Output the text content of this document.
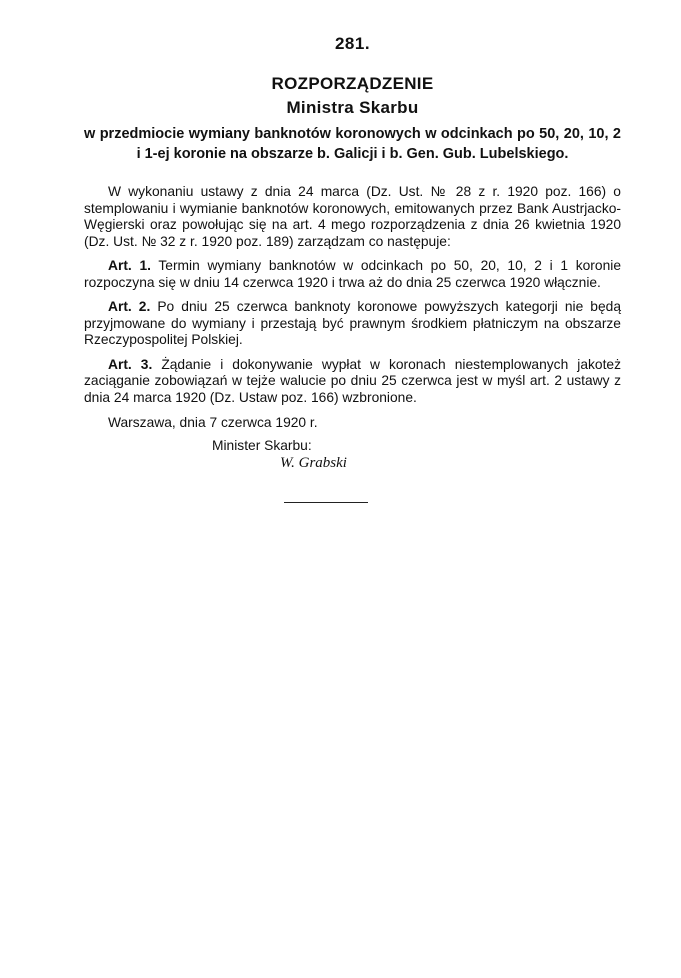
281.
ROZPORZĄDZENIE
Ministra Skarbu
w przedmiocie wymiany banknotów koronowych w odcinkach po 50, 20, 10, 2 i 1-ej koronie na obszarze b. Galicji i b. Gen. Gub. Lubelskiego.

W wykonaniu ustawy z dnia 24 marca (Dz. Ust. № 28 z r. 1920 poz. 166) o stemplowaniu i wymianie banknotów koronowych, emitowanych przez Bank Austrjacko-Węgierski oraz powołując się na art. 4 mego rozporządzenia z dnia 26 kwietnia 1920 (Dz. Ust. № 32 z r. 1920 poz. 189) zarządzam co następuje:

Art. 1. Termin wymiany banknotów w odcinkach po 50, 20, 10, 2 i 1 koronie rozpoczyna się w dniu 14 czerwca 1920 i trwa aż do dnia 25 czerwca 1920 włącznie.

Art. 2. Po dniu 25 czerwca banknoty koronowe powyższych kategorji nie będą przyjmowane do wymiany i przestają być prawnym środkiem płatniczym na obszarze Rzeczypospolitej Polskiej.

Art. 3. Żądanie i dokonywanie wypłat w koronach niestemplowanych jakoteż zaciąganie zobowiązań w tejże walucie po dniu 25 czerwca jest w myśl art. 2 ustawy z dnia 24 marca 1920 (Dz. Ustaw poz. 166) wzbronione.

Warszawa, dnia 7 czerwca 1920 r.
Minister Skarbu:
W. Grabski
